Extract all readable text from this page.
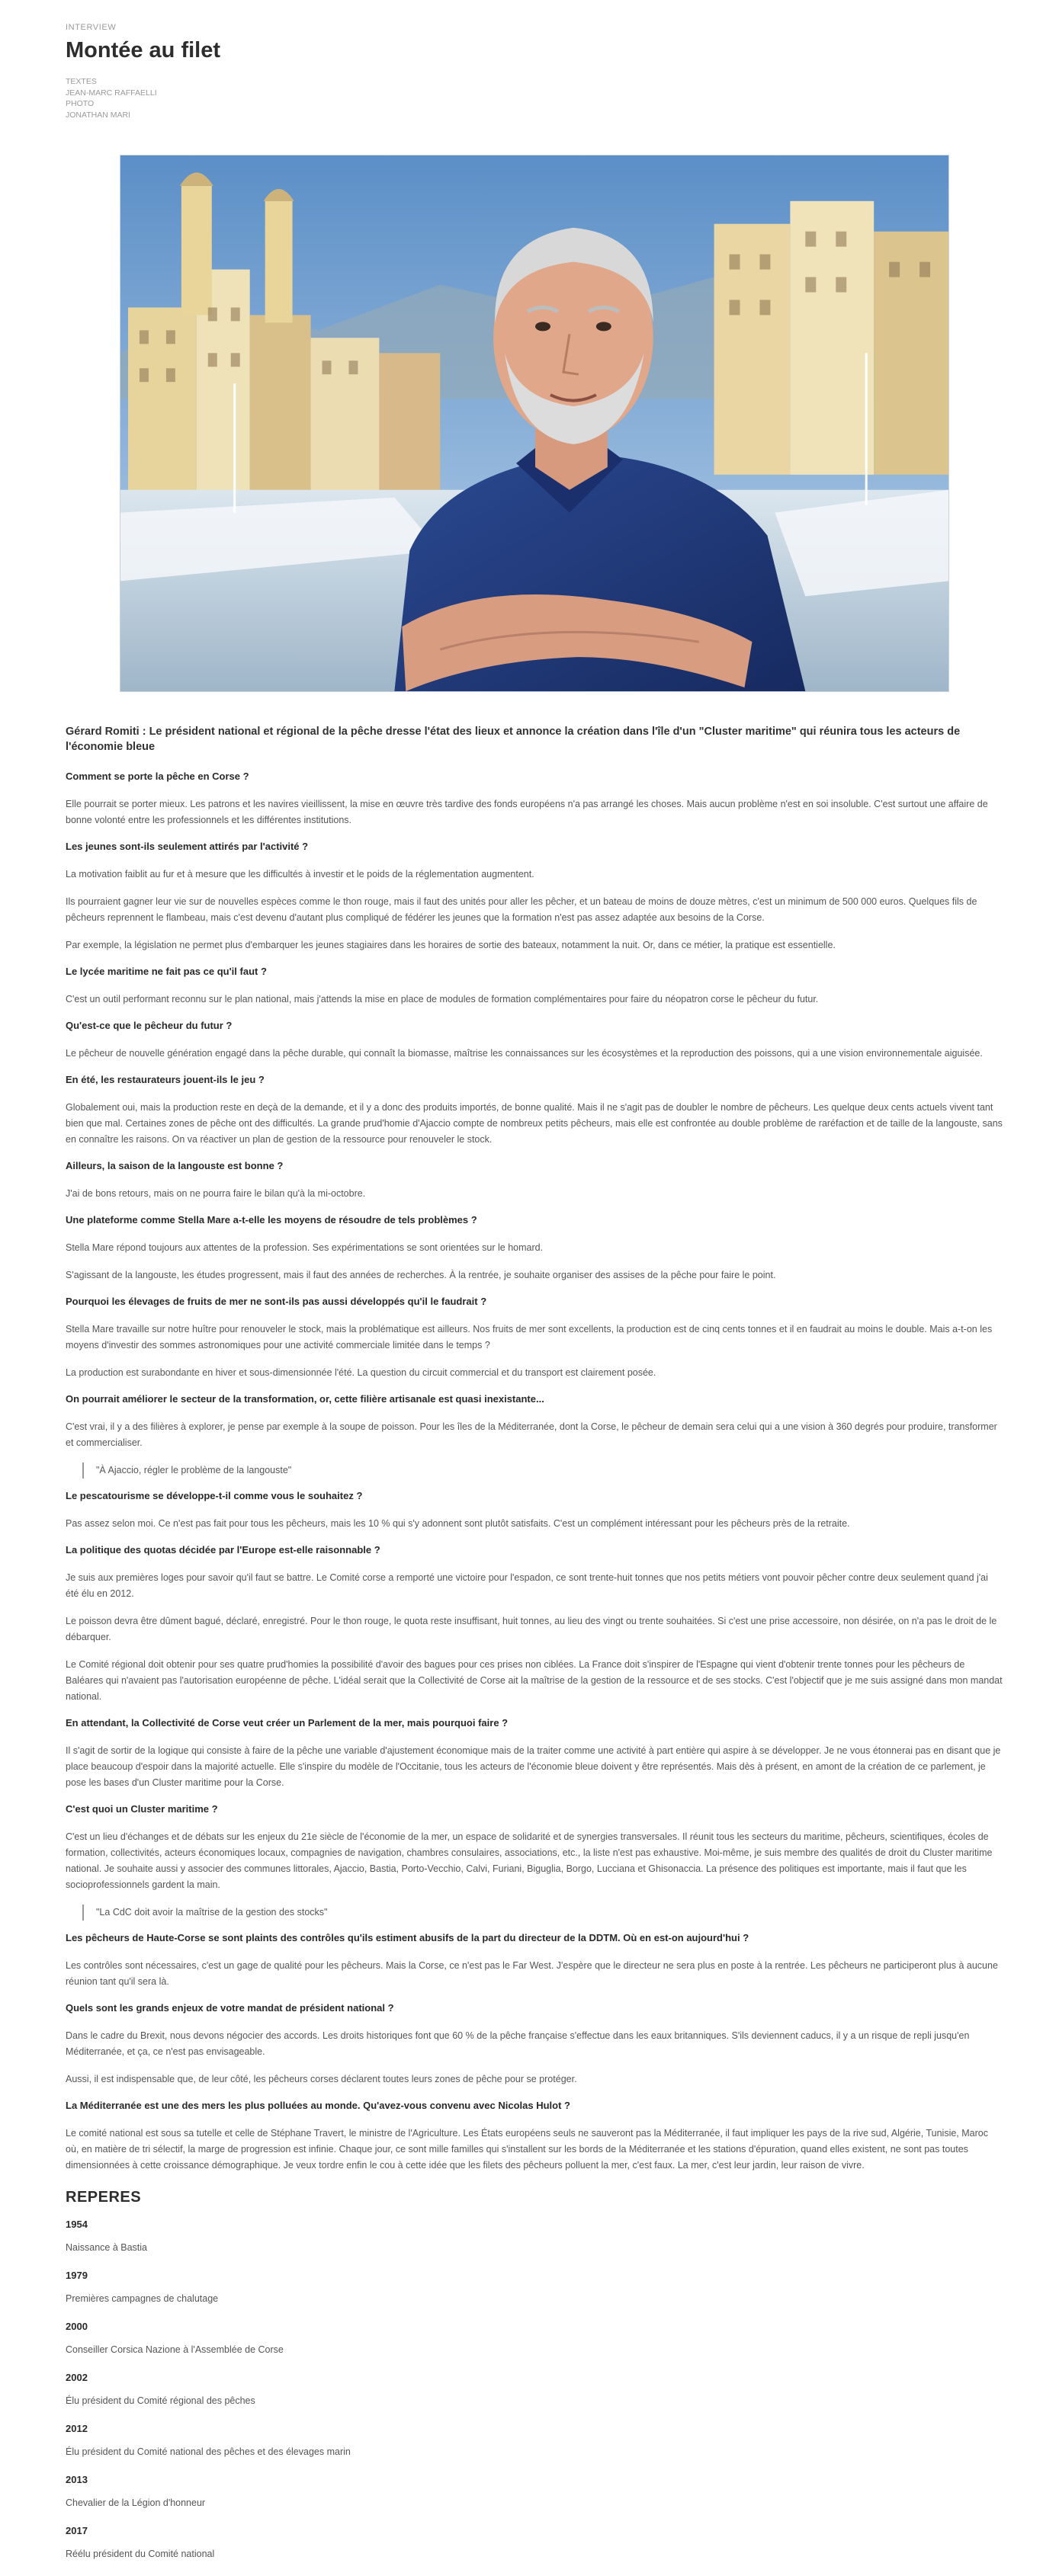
INTERVIEW
Montée au filet
TEXTES
JEAN-MARC RAFFAELLI
PHOTO
JONATHAN MARI

Gérard Romiti : Le président national et régional de la pêche dresse l'état des lieux et annonce la création dans l'île d'un "Cluster maritime" qui réunira tous les acteurs de l'économie bleue

Comment se porte la pêche en Corse ?

Elle pourrait se porter mieux. Les patrons et les navires vieillissent, la mise en œuvre très tardive des fonds européens n'a pas arrangé les choses. Mais aucun problème n'est en soi insoluble. C'est surtout une affaire de bonne volonté entre les professionnels et les différentes institutions.

Les jeunes sont-ils seulement attirés par l'activité ?

La motivation faiblit au fur et à mesure que les difficultés à investir et le poids de la réglementation augmentent.

Ils pourraient gagner leur vie sur de nouvelles espèces comme le thon rouge, mais il faut des unités pour aller les pêcher, et un bateau de moins de douze mètres, c'est un minimum de 500 000 euros. Quelques fils de pêcheurs reprennent le flambeau, mais c'est devenu d'autant plus compliqué de fédérer les jeunes que la formation n'est pas assez adaptée aux besoins de la Corse.

Par exemple, la législation ne permet plus d'embarquer les jeunes stagiaires dans les horaires de sortie des bateaux, notamment la nuit. Or, dans ce métier, la pratique est essentielle.

Le lycée maritime ne fait pas ce qu'il faut ?

C'est un outil performant reconnu sur le plan national, mais j'attends la mise en place de modules de formation complémentaires pour faire du néopatron corse le pêcheur du futur.

Qu'est-ce que le pêcheur du futur ?

Le pêcheur de nouvelle génération engagé dans la pêche durable, qui connaît la biomasse, maîtrise les connaissances sur les écosystèmes et la reproduction des poissons, qui a une vision environnementale aiguisée.

En été, les restaurateurs jouent-ils le jeu ?

Globalement oui, mais la production reste en deçà de la demande, et il y a donc des produits importés, de bonne qualité. Mais il ne s'agit pas de doubler le nombre de pêcheurs. Les quelque deux cents actuels vivent tant bien que mal. Certaines zones de pêche ont des difficultés. La grande prud'homie d'Ajaccio compte de nombreux petits pêcheurs, mais elle est confrontée au double problème de raréfaction et de taille de la langouste, sans en connaître les raisons. On va réactiver un plan de gestion de la ressource pour renouveler le stock.

Ailleurs, la saison de la langouste est bonne ?

J'ai de bons retours, mais on ne pourra faire le bilan qu'à la mi-octobre.

Une plateforme comme Stella Mare a-t-elle les moyens de résoudre de tels problèmes ?

Stella Mare répond toujours aux attentes de la profession. Ses expérimentations se sont orientées sur le homard.

S'agissant de la langouste, les études progressent, mais il faut des années de recherches. À la rentrée, je souhaite organiser des assises de la pêche pour faire le point.

Pourquoi les élevages de fruits de mer ne sont-ils pas aussi développés qu'il le faudrait ?

Stella Mare travaille sur notre huître pour renouveler le stock, mais la problématique est ailleurs. Nos fruits de mer sont excellents, la production est de cinq cents tonnes et il en faudrait au moins le double. Mais a-t-on les moyens d'investir des sommes astronomiques pour une activité commerciale limitée dans le temps ?

La production est surabondante en hiver et sous-dimensionnée l'été. La question du circuit commercial et du transport est clairement posée.

On pourrait améliorer le secteur de la transformation, or, cette filière artisanale est quasi inexistante...

C'est vrai, il y a des filières à explorer, je pense par exemple à la soupe de poisson. Pour les îles de la Méditerranée, dont la Corse, le pêcheur de demain sera celui qui a une vision à 360 degrés pour produire, transformer et commercialiser.

"À Ajaccio, régler le problème de la langouste"
Le pescatourisme se développe-t-il comme vous le souhaitez ?

Pas assez selon moi. Ce n'est pas fait pour tous les pêcheurs, mais les 10 % qui s'y adonnent sont plutôt satisfaits. C'est un complément intéressant pour les pêcheurs près de la retraite.

La politique des quotas décidée par l'Europe est-elle raisonnable ?

Je suis aux premières loges pour savoir qu'il faut se battre. Le Comité corse a remporté une victoire pour l'espadon, ce sont trente-huit tonnes que nos petits métiers vont pouvoir pêcher contre deux seulement quand j'ai été élu en 2012.

Le poisson devra être dûment bagué, déclaré, enregistré. Pour le thon rouge, le quota reste insuffisant, huit tonnes, au lieu des vingt ou trente souhaitées. Si c'est une prise accessoire, non désirée, on n'a pas le droit de le débarquer.

Le Comité régional doit obtenir pour ses quatre prud'homies la possibilité d'avoir des bagues pour ces prises non ciblées. La France doit s'inspirer de l'Espagne qui vient d'obtenir trente tonnes pour les pêcheurs de Baléares qui n'avaient pas l'autorisation européenne de pêche. L'idéal serait que la Collectivité de Corse ait la maîtrise de la gestion de la ressource et de ses stocks. C'est l'objectif que je me suis assigné dans mon mandat national.

En attendant, la Collectivité de Corse veut créer un Parlement de la mer, mais pourquoi faire ?

Il s'agit de sortir de la logique qui consiste à faire de la pêche une variable d'ajustement économique mais de la traiter comme une activité à part entière qui aspire à se développer. Je ne vous étonnerai pas en disant que je place beaucoup d'espoir dans la majorité actuelle. Elle s'inspire du modèle de l'Occitanie, tous les acteurs de l'économie bleue doivent y être représentés. Mais dès à présent, en amont de la création de ce parlement, je pose les bases d'un Cluster maritime pour la Corse.

C'est quoi un Cluster maritime ?

C'est un lieu d'échanges et de débats sur les enjeux du 21e siècle de l'économie de la mer, un espace de solidarité et de synergies transversales. Il réunit tous les secteurs du maritime, pêcheurs, scientifiques, écoles de formation, collectivités, acteurs économiques locaux, compagnies de navigation, chambres consulaires, associations, etc., la liste n'est pas exhaustive. Moi-même, je suis membre des qualités de droit du Cluster maritime national. Je souhaite aussi y associer des communes littorales, Ajaccio, Bastia, Porto-Vecchio, Calvi, Furiani, Biguglia, Borgo, Lucciana et Ghisonaccia. La présence des politiques est importante, mais il faut que les socioprofessionnels gardent la main.

"La CdC doit avoir la maîtrise de la gestion des stocks"
Les pêcheurs de Haute-Corse se sont plaints des contrôles qu'ils estiment abusifs de la part du directeur de la DDTM. Où en est-on aujourd'hui ?

Les contrôles sont nécessaires, c'est un gage de qualité pour les pêcheurs. Mais la Corse, ce n'est pas le Far West. J'espère que le directeur ne sera plus en poste à la rentrée. Les pêcheurs ne participeront plus à aucune réunion tant qu'il sera là.

Quels sont les grands enjeux de votre mandat de président national ?

Dans le cadre du Brexit, nous devons négocier des accords. Les droits historiques font que 60 % de la pêche française s'effectue dans les eaux britanniques. S'ils deviennent caducs, il y a un risque de repli jusqu'en Méditerranée, et ça, ce n'est pas envisageable.

Aussi, il est indispensable que, de leur côté, les pêcheurs corses déclarent toutes leurs zones de pêche pour se protéger.

La Méditerranée est une des mers les plus polluées au monde. Qu'avez-vous convenu avec Nicolas Hulot ?

Le comité national est sous sa tutelle et celle de Stéphane Travert, le ministre de l'Agriculture. Les États européens seuls ne sauveront pas la Méditerranée, il faut impliquer les pays de la rive sud, Algérie, Tunisie, Maroc où, en matière de tri sélectif, la marge de progression est infinie. Chaque jour, ce sont mille familles qui s'installent sur les bords de la Méditerranée et les stations d'épuration, quand elles existent, ne sont pas toutes dimensionnées à cette croissance démographique. Je veux tordre enfin le cou à cette idée que les filets des pêcheurs polluent la mer, c'est faux. La mer, c'est leur jardin, leur raison de vivre.

REPERES
1954
Naissance à Bastia
1979
Premières campagnes de chalutage
2000
Conseiller Corsica Nazione à l'Assemblée de Corse
2002
Élu président du Comité régional des pêches
2012
Élu président du Comité national des pêches et des élevages marin
2013
Chevalier de la Légion d'honneur
2017
Réélu président du Comité national
